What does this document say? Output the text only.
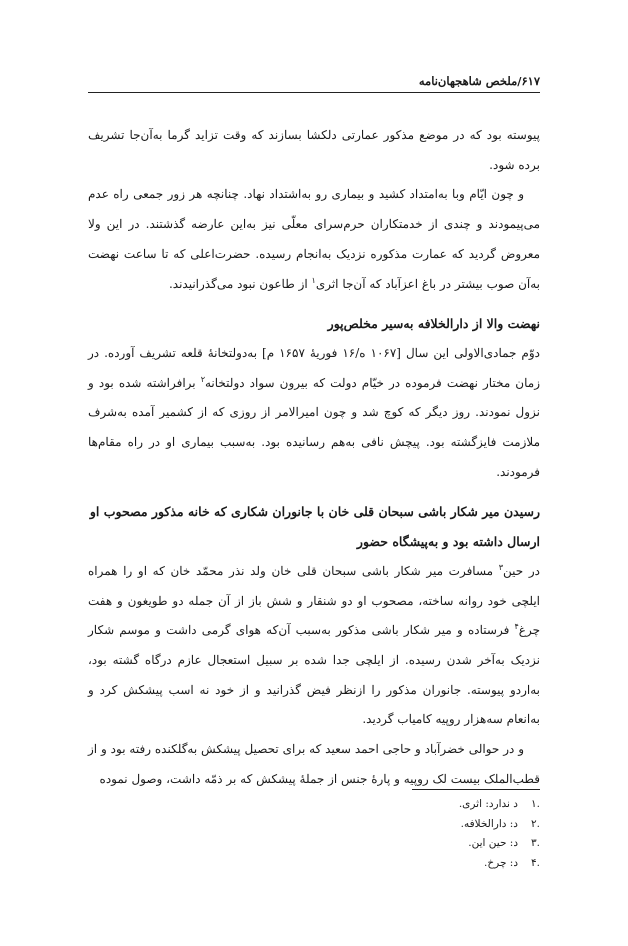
۶۱۷/ملخص شاهجهان‌نامه

پیوسته بود که در موضع مذکور عمارتی دلکشا بسازند که وقت تزاید گرما به‌آن‌جا تشریف برده شود.

و چون ایّام وبا به‌امتداد کشید و بیماری رو به‌اشتداد نهاد. چنانچه هر زور جمعی راه عدم می‌پیمودند و چندی از خدمتکاران حرم‌سرای معلّی نیز به‌این عارضه گذشتند. در این ولا معروض گردید که عمارت مذکوره نزدیک به‌انجام رسیده. حضرت‌اعلی که تا ساعت نهضت به‌آن صوب بیشتر در باغ اعزآباد که آن‌جا اثری$^۱$ از طاعون نبود می‌گذرانیدند.

نهضت والا از دارالخلافه به‌سیر مخلص‌پور

دوّم جمادی‌الاولی این سال [۱۰۶۷ ه/۱۶ فوریهٔ ۱۶۵۷ م] به‌دولتخانهٔ قلعه تشریف آورده. در زمان مختار نهضت فرموده در خیّام دولت که بیرون سواد دولتخانه$^۲$ برافراشته شده بود و نزول نمودند. روز دیگر که کوچ شد و چون امیرالامر از روزی که از کشمیر آمده به‌شرف ملازمت فایزگشته بود. پیچش نافی به‌هم رسانیده بود. به‌سبب بیماری او در راه مقام‌ها فرمودند.

رسیدن میر شکار باشی سبحان قلی خان با جانوران شکاری که خانه مذکور مصحوب او ارسال داشته بود و به‌پیشگاه حضور

در حین$^۳$ مسافرت میر شکار باشی سبحان قلی خان ولد نذر محمّد خان که او را همراه ایلچی خود روانه ساخته، مصحوب او دو شنقار و شش باز از آن جمله دو طویغون و هفت چرغ$^۴$ فرستاده و میر شکار باشی مذکور به‌سبب آن‌که هوای گرمی داشت و موسم شکار نزدیک به‌آخر شدن رسیده. از ایلچی جدا شده بر سبیل استعجال عازم درگاه گشته بود، به‌اردو پیوسته. جانوران مذکور را ازنظر فیض گذرانید و از خود نه اسب پیشکش کرد و به‌انعام سه‌هزار روپیه کامیاب گردید.

و در حوالی خضرآباد و حاجی احمد سعید که برای تحصیل پیشکش به‌گلکنده رفته بود و از قطب‌الملک بیست لک روپیه و پارهٔ جنس از جملهٔ پیشکش که بر ذمّه داشت، وصول نموده

.۱د ندارد: اثری.
.۲د: دارالخلافه.
.۳د: حین این.
.۴د: چرخ.
